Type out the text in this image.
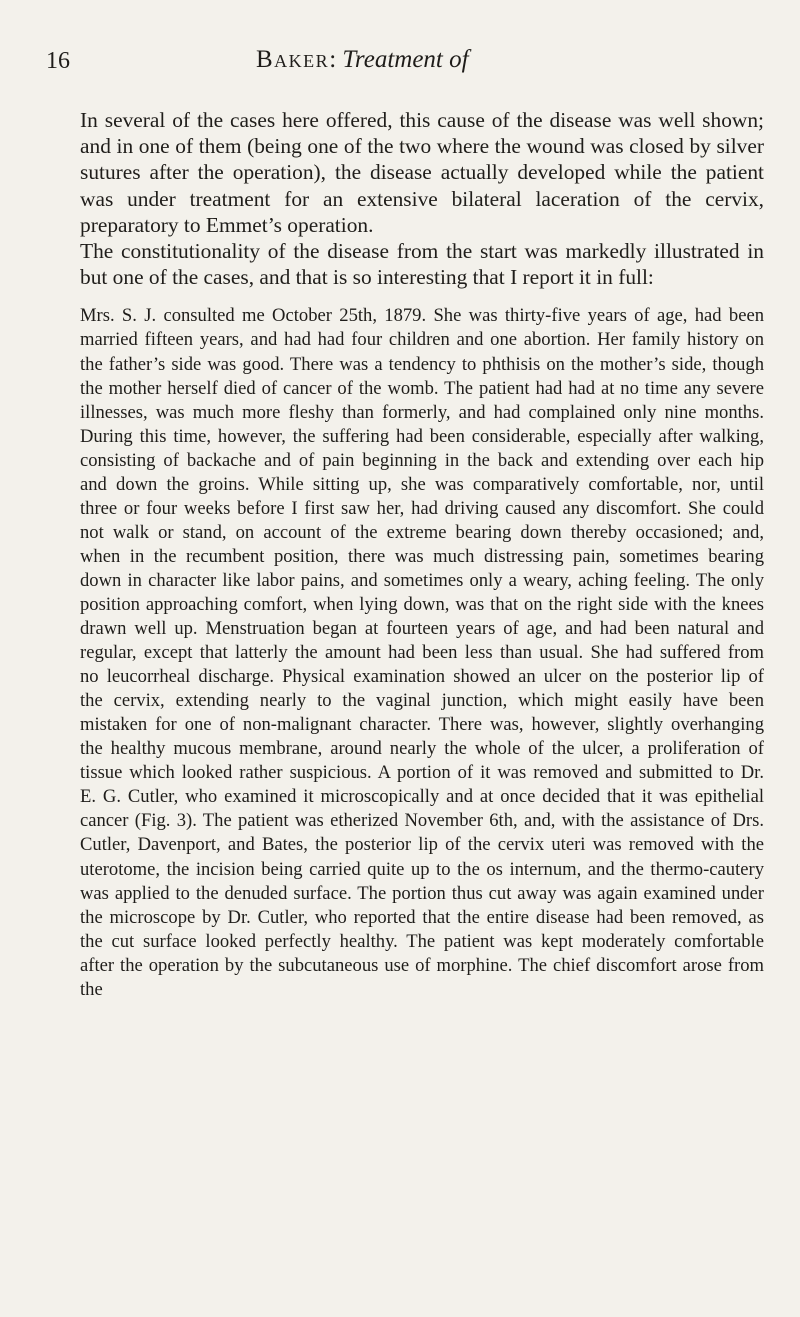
16	Baker: Treatment of

In several of the cases here offered, this cause of the disease was well shown; and in one of them (being one of the two where the wound was closed by silver sutures after the operation), the disease actually developed while the patient was under treatment for an extensive bilateral laceration of the cervix, preparatory to Emmet’s operation.

The constitutionality of the disease from the start was markedly illustrated in but one of the cases, and that is so interesting that I report it in full:

Mrs. S. J. consulted me October 25th, 1879. She was thirty-five years of age, had been married fifteen years, and had had four children and one abortion. Her family history on the father’s side was good. There was a tendency to phthisis on the mother’s side, though the mother herself died of cancer of the womb. The patient had had at no time any severe illnesses, was much more fleshy than formerly, and had complained only nine months. During this time, however, the suffering had been considerable, especially after walking, consisting of backache and of pain beginning in the back and extending over each hip and down the groins. While sitting up, she was comparatively comfortable, nor, until three or four weeks before I first saw her, had driving caused any discomfort. She could not walk or stand, on account of the extreme bearing down thereby occasioned; and, when in the recumbent position, there was much distressing pain, sometimes bearing down in character like labor pains, and sometimes only a weary, aching feeling. The only position approaching comfort, when lying down, was that on the right side with the knees drawn well up. Menstruation began at fourteen years of age, and had been natural and regular, except that latterly the amount had been less than usual. She had suffered from no leucorrheal discharge. Physical examination showed an ulcer on the posterior lip of the cervix, extending nearly to the vaginal junction, which might easily have been mistaken for one of non-malignant character. There was, however, slightly overhanging the healthy mucous membrane, around nearly the whole of the ulcer, a proliferation of tissue which looked rather suspicious. A portion of it was removed and submitted to Dr. E. G. Cutler, who examined it microscopically and at once decided that it was epithelial cancer (Fig. 3). The patient was etherized November 6th, and, with the assistance of Drs. Cutler, Davenport, and Bates, the posterior lip of the cervix uteri was removed with the uterotome, the incision being carried quite up to the os internum, and the thermo-cautery was applied to the denuded surface. The portion thus cut away was again examined under the microscope by Dr. Cutler, who reported that the entire disease had been removed, as the cut surface looked perfectly healthy. The patient was kept moderately comfortable after the operation by the subcutaneous use of morphine. The chief discomfort arose from the
